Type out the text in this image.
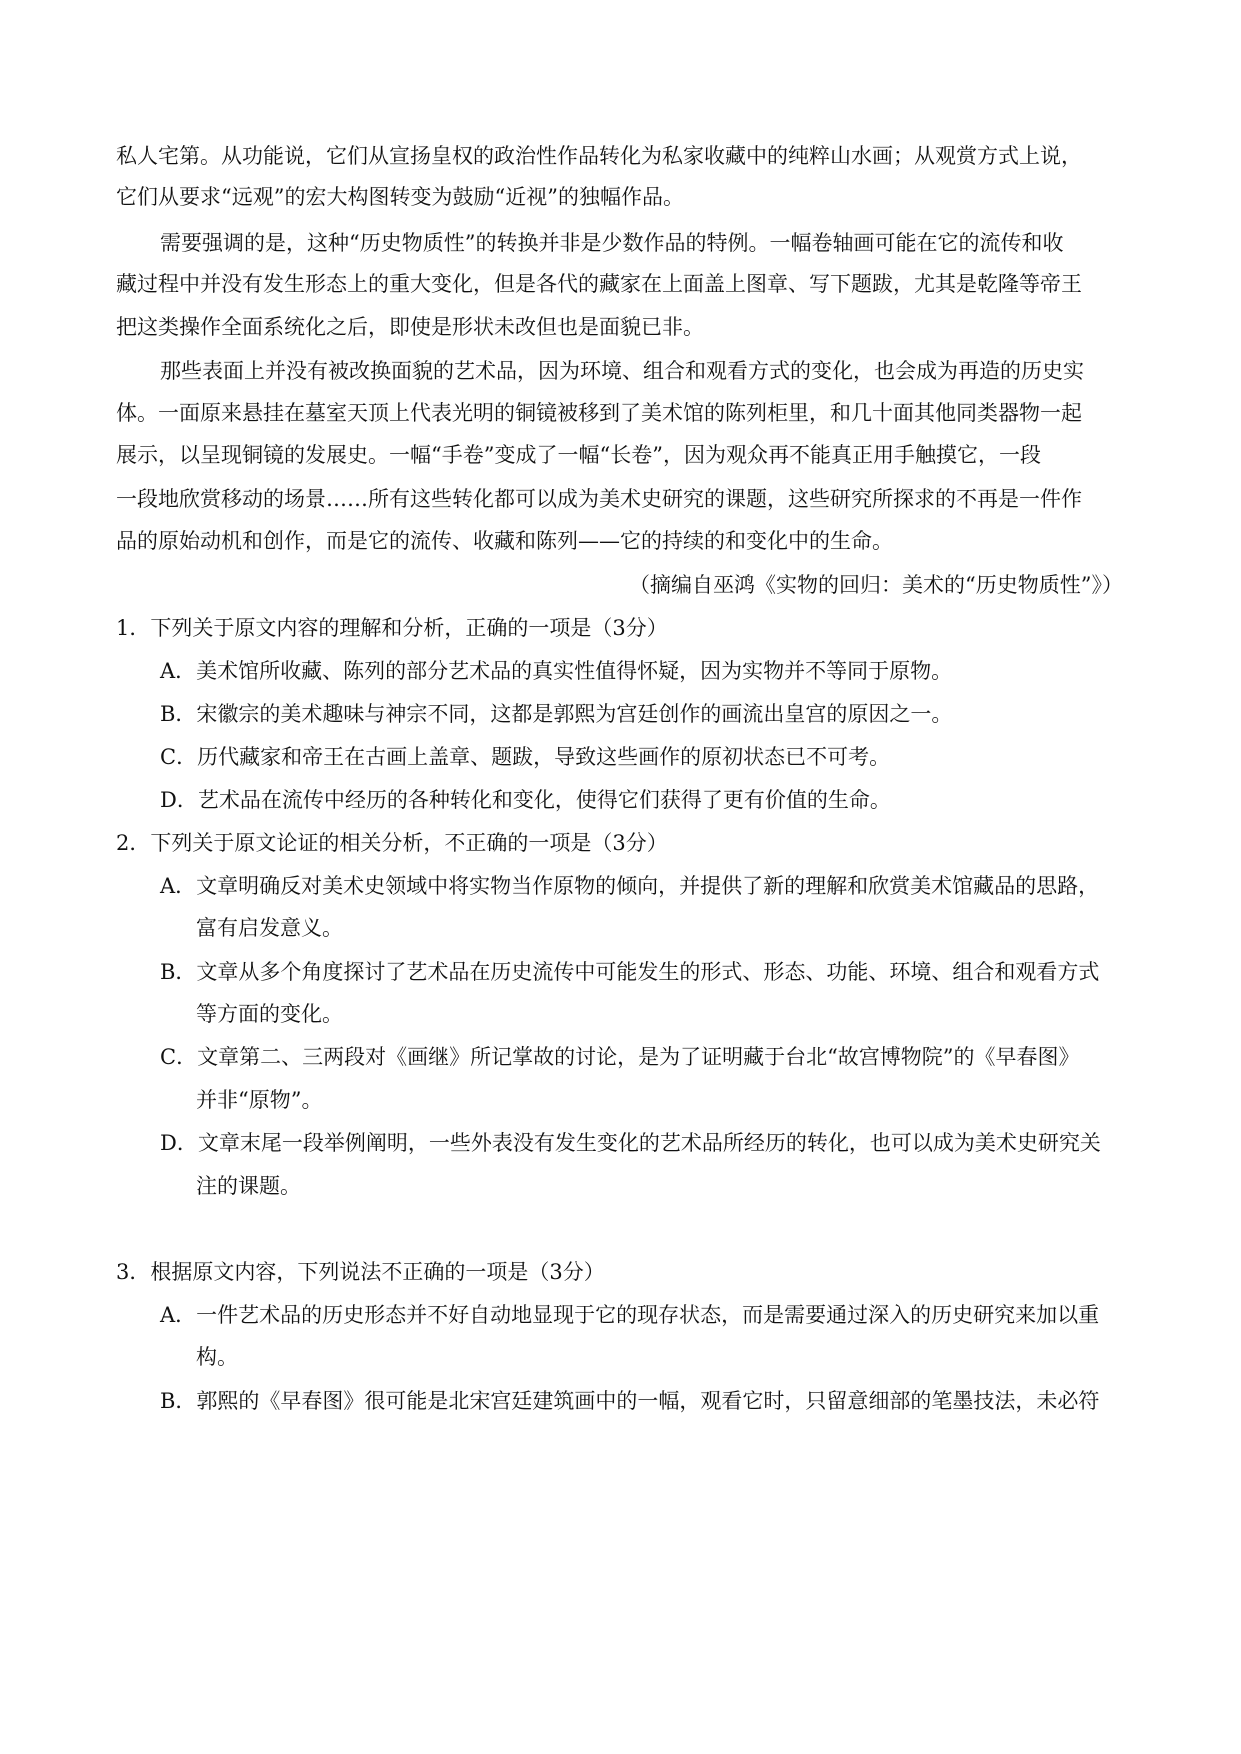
私人宅第。从功能说，它们从宣扬皇权的政治性作品转化为私家收藏中的纯粹山水画；从观赏方式上说，
它们从要求“远观”的宏大构图转变为鼓励“近视”的独幅作品。
需要强调的是，这种“历史物质性”的转换并非是少数作品的特例。一幅卷轴画可能在它的流传和收
藏过程中并没有发生形态上的重大变化，但是各代的藏家在上面盖上图章、写下题跋，尤其是乾隆等帝王
把这类操作全面系统化之后，即使是形状未改但也是面貌已非。
那些表面上并没有被改换面貌的艺术品，因为环境、组合和观看方式的变化，也会成为再造的历史实
体。一面原来悬挂在墓室天顶上代表光明的铜镜被移到了美术馆的陈列柜里，和几十面其他同类器物一起
展示，以呈现铜镜的发展史。一幅“手卷”变成了一幅“长卷”，因为观众再不能真正用手触摸它，一段
一段地欣赏移动的场景……所有这些转化都可以成为美术史研究的课题，这些研究所探求的不再是一件作
品的原始动机和创作，而是它的流传、收藏和陈列——它的持续的和变化中的生命。
（摘编自巫鸿《实物的回归：美术的“历史物质性”》）
1．下列关于原文内容的理解和分析，正确的一项是（3分）
A．美术馆所收藏、陈列的部分艺术品的真实性值得怀疑，因为实物并不等同于原物。
B．宋徽宗的美术趣味与神宗不同，这都是郭熙为宫廷创作的画流出皇宫的原因之一。
C．历代藏家和帝王在古画上盖章、题跋，导致这些画作的原初状态已不可考。
D．艺术品在流传中经历的各种转化和变化，使得它们获得了更有价值的生命。
2．下列关于原文论证的相关分析，不正确的一项是（3分）
A．文章明确反对美术史领域中将实物当作原物的倾向，并提供了新的理解和欣赏美术馆藏品的思路，
富有启发意义。
B．文章从多个角度探讨了艺术品在历史流传中可能发生的形式、形态、功能、环境、组合和观看方式
等方面的变化。
C．文章第二、三两段对《画继》所记掌故的讨论，是为了证明藏于台北“故宫博物院”的《早春图》
并非“原物”。
D．文章末尾一段举例阐明，一些外表没有发生变化的艺术品所经历的转化，也可以成为美术史研究关
注的课题。
3．根据原文内容，下列说法不正确的一项是（3分）
A．一件艺术品的历史形态并不好自动地显现于它的现存状态，而是需要通过深入的历史研究来加以重
构。
B．郭熙的《早春图》很可能是北宋宫廷建筑画中的一幅，观看它时，只留意细部的笔墨技法，未必符
